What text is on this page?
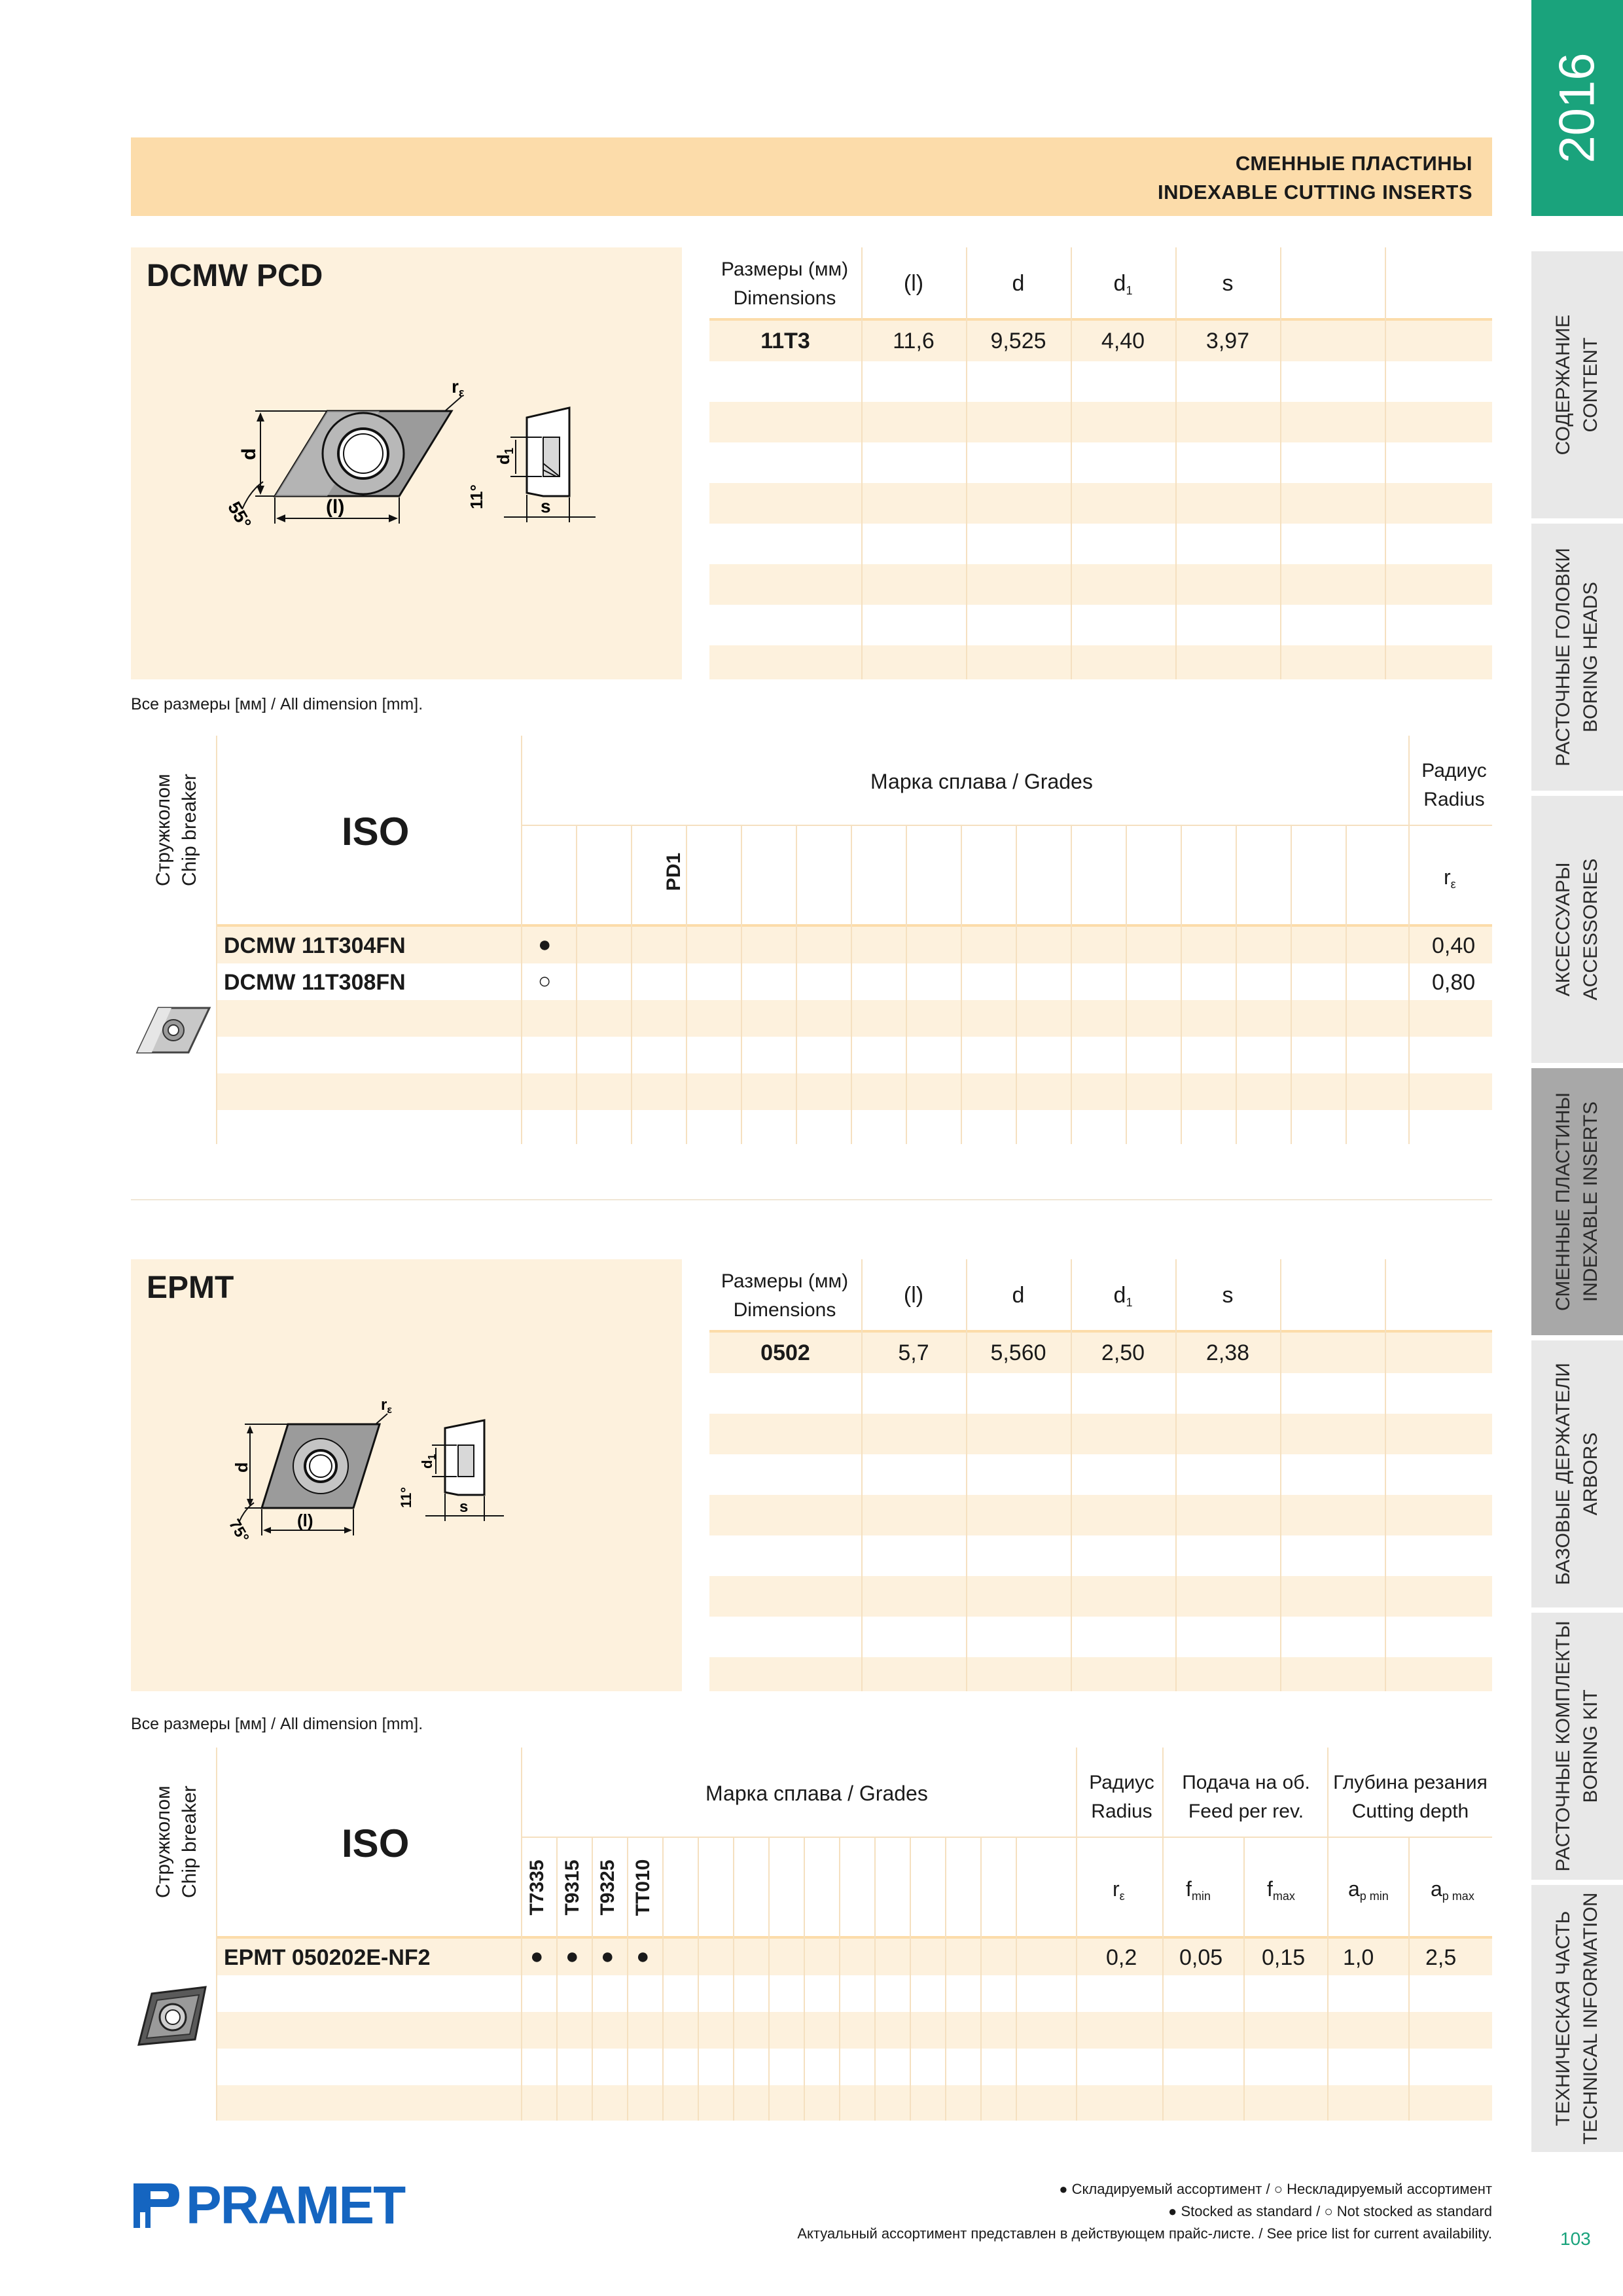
СМЕННЫЕ ПЛАСТИНЫ
INDEXABLE CUTTING INSERTS
2016
СОДЕРЖАНИЕ CONTENT
РАСТОЧНЫЕ ГОЛОВКИ BORING HEADS
АКСЕССУАРЫ ACCESSORIES
СМЕННЫЕ ПЛАСТИНЫ INDEXABLE INSERTS
БАЗОВЫЕ ДЕРЖАТЕЛИ ARBORS
РАСТОЧНЫЕ КОМПЛЕКТЫ BORING KIT
ТЕХНИЧЕСКАЯ ЧАСТЬ TECHNICAL INFORMATION
DCMW PCD
d
(l)
55°
$r_\varepsilon$
$d_1$
11°	s
Размеры (мм)
Dimensions
(l)	d	$d_1$	s
11T3	11,6	9,525	4,40	3,97
Все размеры [мм] / All dimension [mm].
Стружколом Chip breaker	ISO
Марка сплава / Grades	Радиус
Radius
$r_\varepsilon$
PD1
DCMW 11T304FN	●	0,40
DCMW 11T308FN	○	0,80
EPMT
d
(l)
75°
$r_\varepsilon$
$d_1$
11°	s
Размеры (мм)
Dimensions
(l)	d	$d_1$	s
0502	5,7	5,560	2,50	2,38
Все размеры [мм] / All dimension [mm].
Стружколом Chip breaker	ISO
Марка сплава / Grades	Радиус
Radius
Подача на об.
Feed per rev.
Глубина резания
Cutting depth
$r_\varepsilon$	$f_{min}$	$f_{max}$	$a_{p min}$ $a_{p max}$
T7335 T9315 T9325 TT010
EPMT 050202E-NF2	● ● ● ●	0,2 0,05 0,15 1,0 2,5
PRAMET	● Складируемый ассортимент / ○ Нескладируемый ассортимент
● Stocked as standard / ○ Not stocked as standard
Актуальный ассортимент представлен в действующем прайс-листе. / See price list for current availability.	103
